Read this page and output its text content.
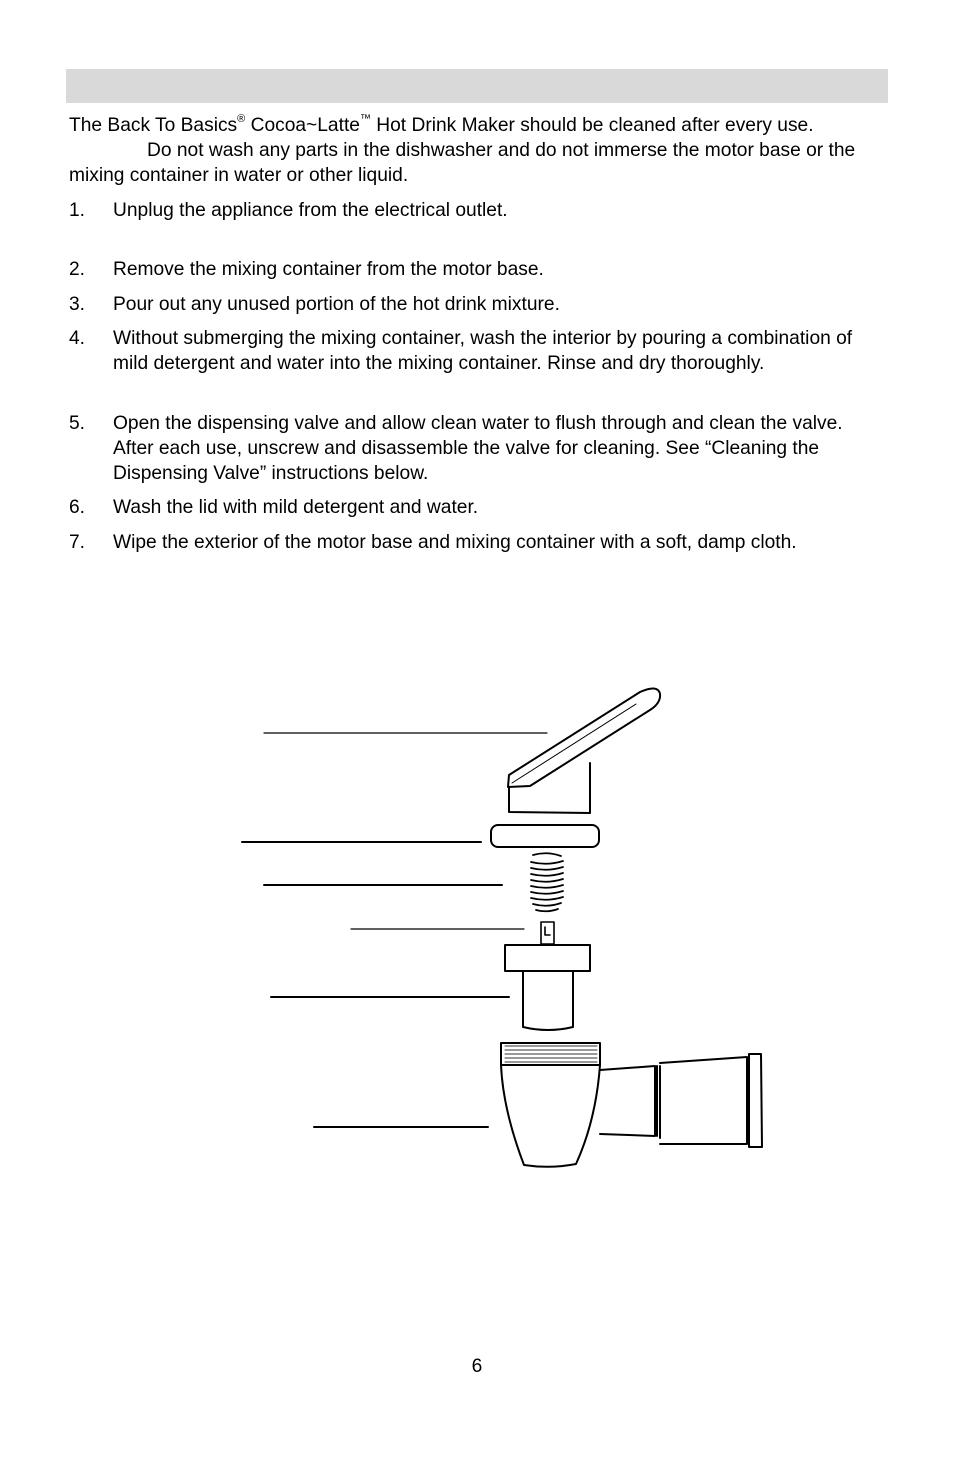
The Back To Basics® Cocoa~Latte™ Hot Drink Maker should be cleaned after every use.Do not wash any parts in the dishwasher and do not immerse the motor base or the mixing container in water or other liquid.

1. Unplug the appliance from the electrical outlet.
2. Remove the mixing container from the motor base.
3. Pour out any unused portion of the hot drink mixture.
4. Without submerging the mixing container, wash the interior by pouring a combination of mild detergent and water into the mixing container. Rinse and dry thoroughly.
5. Open the dispensing valve and allow clean water to flush through and clean the valve. After each use, unscrew and disassemble the valve for cleaning. See “Cleaning the Dispensing Valve” instructions below.
6. Wash the lid with mild detergent and water.
7. Wipe the exterior of the motor base and mixing container with a soft, damp cloth.
6
